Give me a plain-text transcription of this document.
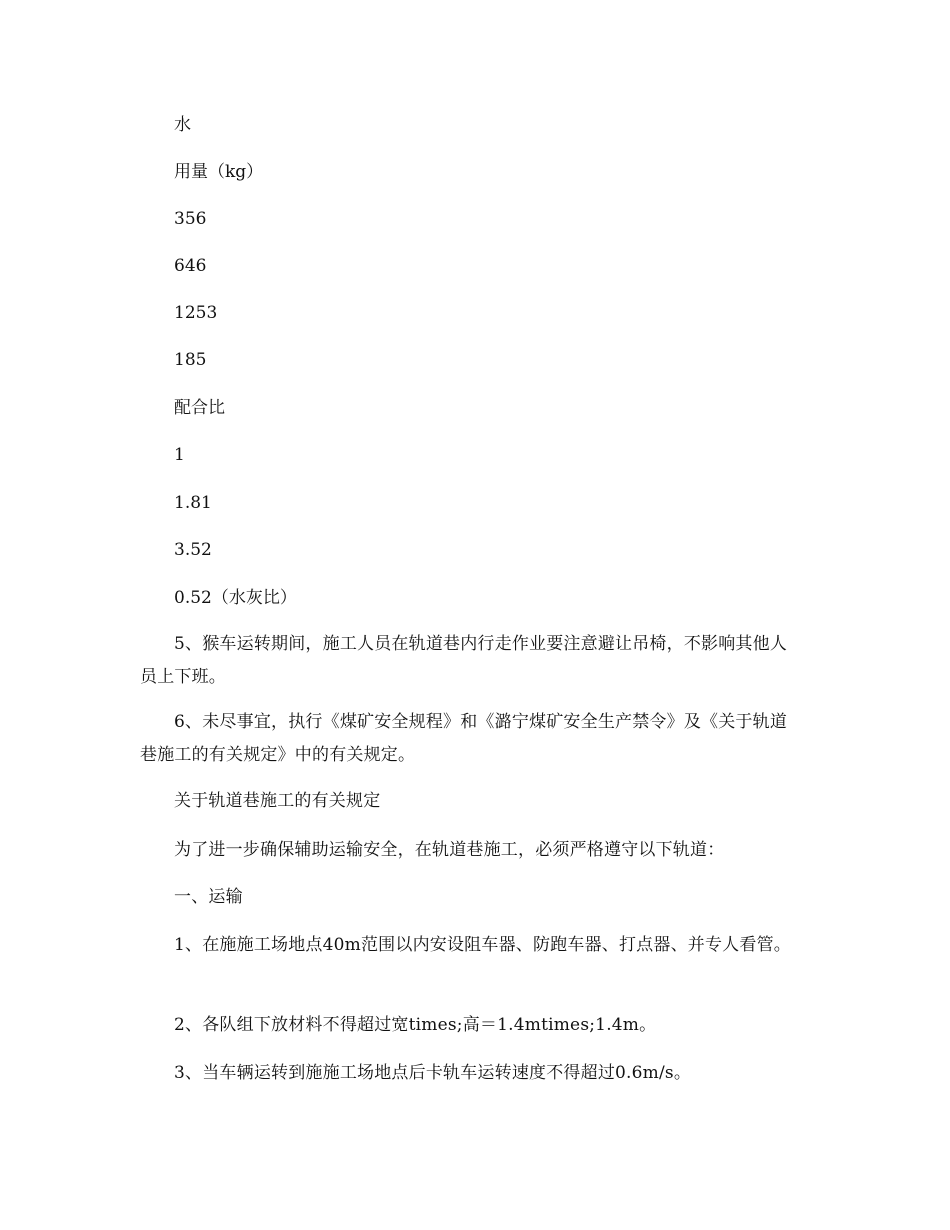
水

用量（kg）

356

646

1253

185

配合比

1

1.81

3.52

0.52（水灰比）

5、猴车运转期间，施工人员在轨道巷内行走作业要注意避让吊椅，不影响其他人员上下班。

6、未尽事宜，执行《煤矿安全规程》和《潞宁煤矿安全生产禁令》及《关于轨道巷施工的有关规定》中的有关规定。

关于轨道巷施工的有关规定

为了进一步确保辅助运输安全，在轨道巷施工，必须严格遵守以下轨道：

一、运输

1、在施施工场地点40m范围以内安设阻车器、防跑车器、打点器、并专人看管。

2、各队组下放材料不得超过宽times;高＝1.4mtimes;1.4m。

3、当车辆运转到施施工场地点后卡轨车运转速度不得超过0.6m/s。
